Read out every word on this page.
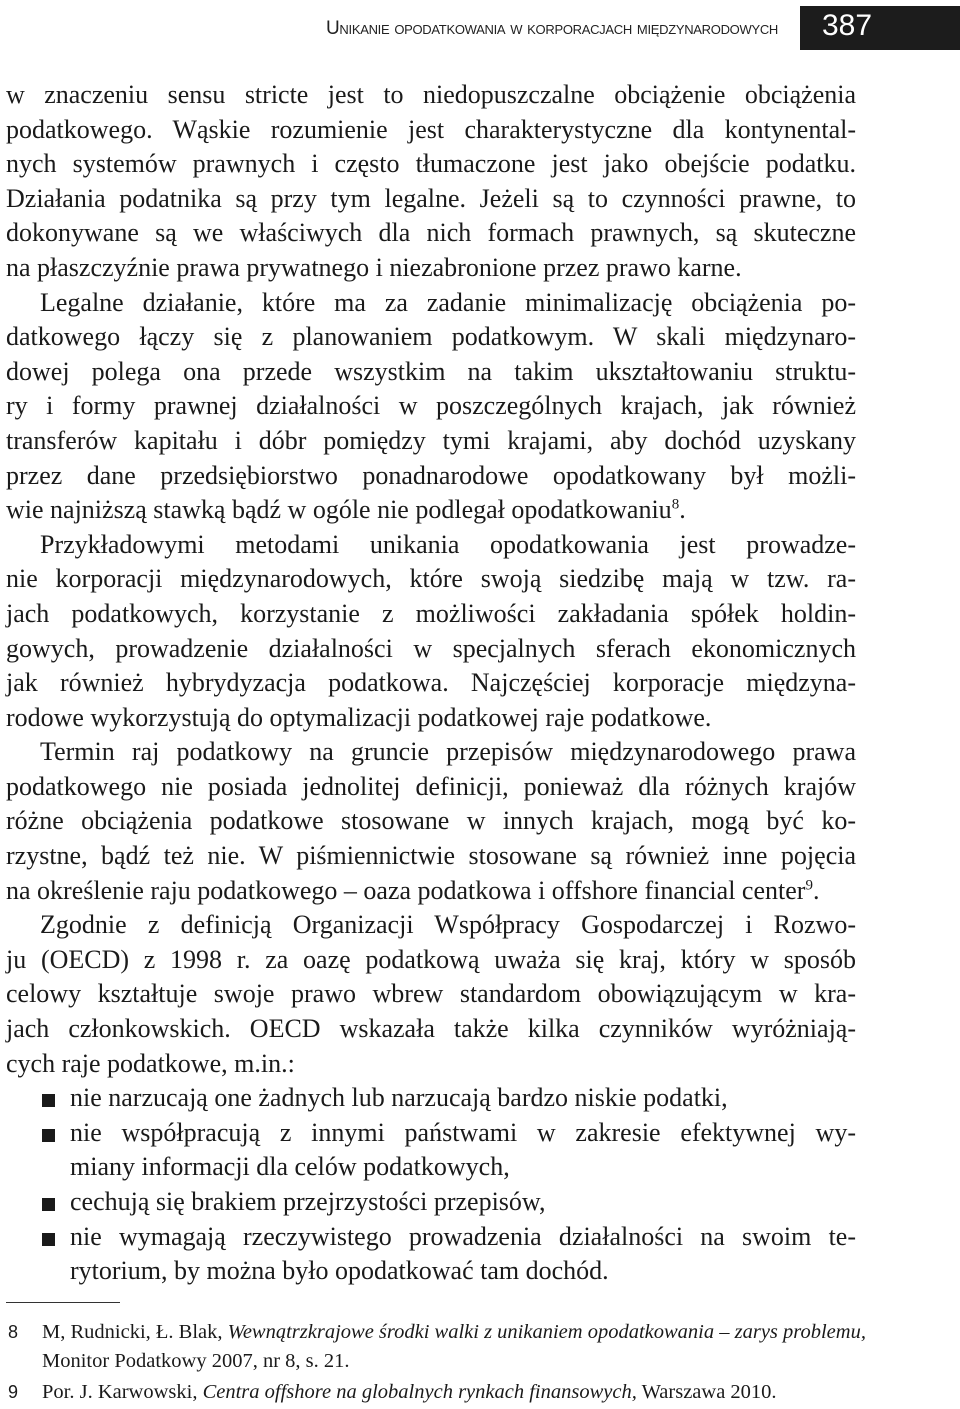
Unikanie opodatkowania w korporacjach międzynarodowych 387

w znaczeniu sensu stricte jest to niedopuszczalne obciążenie obciążenia
podatkowego. Wąskie rozumienie jest charakterystyczne dla kontynental-
nych systemów prawnych i często tłumaczone jest jako obejście podatku.
Działania podatnika są przy tym legalne. Jeżeli są to czynności prawne, to
dokonywane są we właściwych dla nich formach prawnych, są skuteczne
na płaszczyźnie prawa prywatnego i niezabronione przez prawo karne.

Legalne działanie, które ma za zadanie minimalizację obciążenia po-
datkowego łączy się z planowaniem podatkowym. W skali międzynaro-
dowej polega ona przede wszystkim na takim ukształtowaniu struktu-
ry i formy prawnej działalności w poszczególnych krajach, jak również
transferów kapitału i dóbr pomiędzy tymi krajami, aby dochód uzyskany
przez dane przedsiębiorstwo ponadnarodowe opodatkowany był możli-
wie najniższą stawką bądź w ogóle nie podlegał opodatkowaniu$^8$.

Przykładowymi metodami unikania opodatkowania jest prowadze-
nie korporacji międzynarodowych, które swoją siedzibę mają w tzw. ra-
jach podatkowych, korzystanie z możliwości zakładania spółek holdin-
gowych, prowadzenie działalności w specjalnych sferach ekonomicznych
jak również hybrydyzacja podatkowa. Najczęściej korporacje międzyna-
rodowe wykorzystują do optymalizacji podatkowej raje podatkowe.

Termin raj podatkowy na gruncie przepisów międzynarodowego prawa
podatkowego nie posiada jednolitej definicji, ponieważ dla różnych krajów
różne obciążenia podatkowe stosowane w innych krajach, mogą być ko-
rzystne, bądź też nie. W piśmiennictwie stosowane są również inne pojęcia
na określenie raju podatkowego – oaza podatkowa i offshore financial center$^9$.

Zgodnie z definicją Organizacji Współpracy Gospodarczej i Rozwo-
ju (OECD) z 1998 r. za oazę podatkową uważa się kraj, który w sposób
celowy kształtuje swoje prawo wbrew standardom obowiązującym w kra-
jach członkowskich. OECD wskazała także kilka czynników wyróżniają-
cych raje podatkowe, m.in.:

nie narzucają one żadnych lub narzucają bardzo niskie podatki,
nie współpracują z innymi państwami w zakresie efektywnej wy-
miany informacji dla celów podatkowych,
cechują się brakiem przejrzystości przepisów,
nie wymagają rzeczywistego prowadzenia działalności na swoim te-
rytorium, by można było opodatkować tam dochód.
8 M, Rudnicki, Ł. Blak, Wewnątrzkrajowe środki walki z unikaniem opodatkowania – zarys problemu, Monitor Podatkowy 2007, nr 8, s. 21.
9 Por. J. Karwowski, Centra offshore na globalnych rynkach finansowych, Warszawa 2010.
